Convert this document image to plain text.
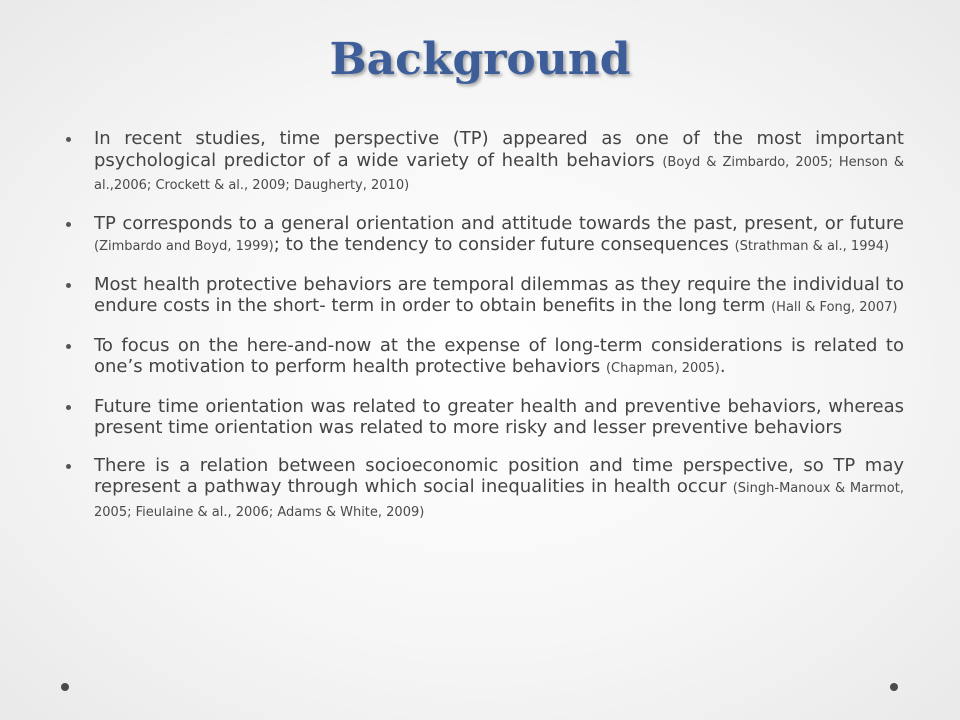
Background
In recent studies, time perspective (TP) appeared as one of the most important psychological predictor of a wide variety of health behaviors (Boyd & Zimbardo, 2005; Henson & al.,2006; Crockett & al., 2009; Daugherty, 2010)
TP corresponds to a general orientation and attitude towards the past, present, or future (Zimbardo and Boyd, 1999); to the tendency to consider future consequences (Strathman & al., 1994)
Most health protective behaviors are temporal dilemmas as they require the individual to endure costs in the short- term in order to obtain benefits in the long term (Hall & Fong, 2007)
To focus on the here-and-now at the expense of long-term considerations is related to one’s motivation to perform health protective behaviors (Chapman, 2005).
Future time orientation was related to greater health and preventive behaviors, whereas present time orientation was related to more risky and lesser preventive behaviors
There is a relation between socioeconomic position and time perspective, so TP may represent a pathway through which social inequalities in health occur (Singh-Manoux & Marmot, 2005; Fieulaine & al., 2006; Adams & White, 2009)
